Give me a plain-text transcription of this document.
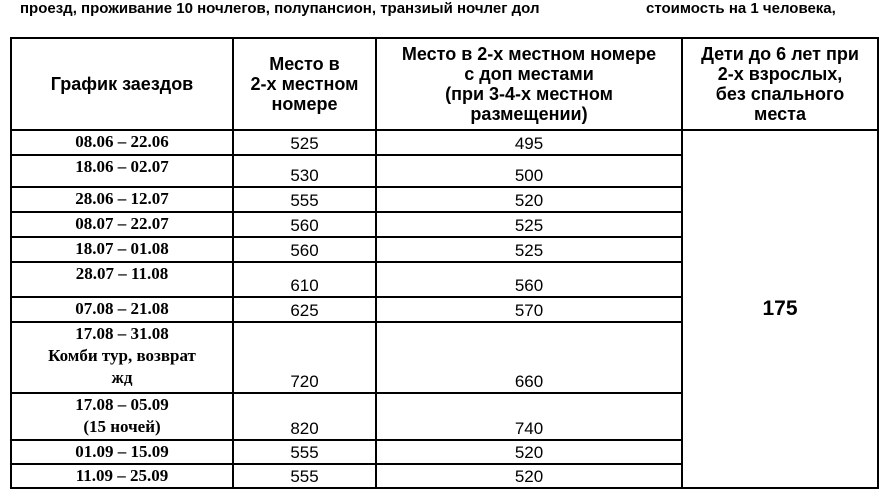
проезд, проживание 10 ночлегов, полупансион, транзиый ночлег дол	стоимость на 1 человека,
График заездов	Место в
2-х местном
номере	Место в 2-х местном номере
с доп местами
(при 3-4-х местном
размещении)	Дети до 6 лет при
2-х взрослых,
без спального
места

08.06 – 22.06	525	495	175

18.06 – 02.07	530	500	

28.06 – 12.07	555	520	

08.07 – 22.07	560	525	

18.07 – 01.08	560	525	

28.07 – 11.08	610	560	

07.08 – 21.08	625	570	

17.08 – 31.08
Комби тур, возврат
жд	720	660	

17.08 – 05.09
(15 ночей)	820	740	

01.09 – 15.09	555	520	

11.09 – 25.09	555	520	
